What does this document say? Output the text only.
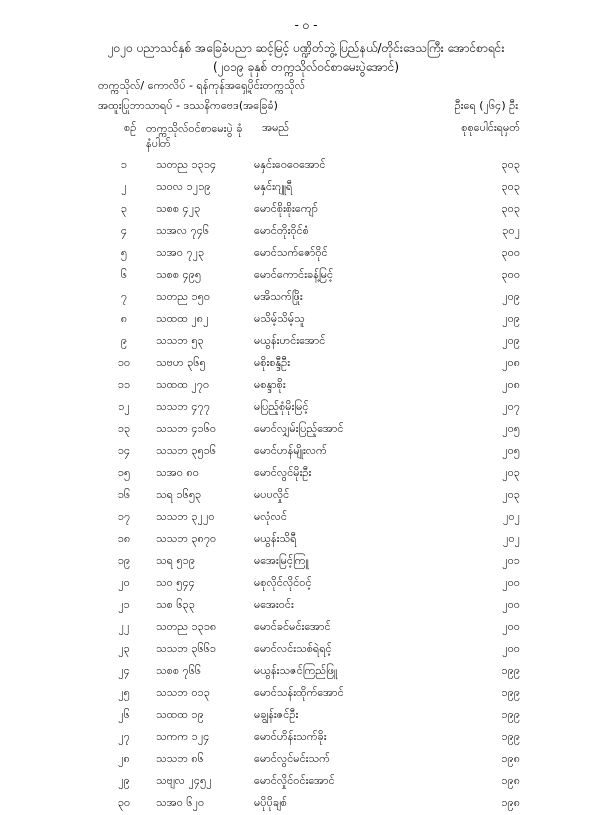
- ၀ -
၂၀၂၀ ပညာသင်နှစ် အခြေခံပညာ ဆင့်မြင့် ပဏ္ဍိတ်ဘွဲ့ ပြည်နယ်/တိုင်းဒေသကြီး အောင်စာရင်း
(၂၀၁၉ ခုနှစ် တက္ကသိုလ်ဝင်စာမေးပွဲအောင်)
တက္ကသိုလ်/ ကောလိပ် - ရန်ကုန်အရှေ့ပိုင်းတက္ကသိုလ်
အထူးပြုဘာသာရပ် - ဒဿနိကဗေဒ(အခြေခံ)	ဦးရေ (၂၆၄) ဦး
စဉ် တက္ကသိုလ်ဝင်စာမေးပွဲ ခုံနံပါတ်
အမည်	စုစုပေါင်းရမှတ်
၁	သတည ၁၃၁၄	မနှင်းဝေဝေအောင်	၃၀၃
၂	သဝလ ၁၂၁၉	မနှင်းဂျူရီ	၃၀၃
၃	သစစ ၄၂၃	မောင်စိုးစိုးကျော်	၃၀၃
၄	သအလ ၇၄၆	မောင်တိုးဝိုင်စံ	၃၀၂
၅	သအဝ ၇၂၃	မောင်သက်ဇော်ဝိုင်	၃၀၀
၆	သစစ ၄၉၅	မောင်ကောင်းခန့်မြင့်	၃၀၀
၇	သတည ၁၅၀	မအိသက်ဖြိုး	၂၀၉
၈	သထထ ၂၈၂	မသိမ့်သိမ့်သူ	၂၀၉
၉	သသဘ ၅၃	မယွန်းဟင်းအောင်	၂၀၉
၁၀	သဗဟ ၃၆၅	မစိုးစန္ဒီဦး	၂၀၈
၁၁	သထထ ၂၇၀	မစန္ဒာစိုး	၂၀၈
၁၂	သသဘ ၄၇၇	မပြည့်စုံမိုးမြင့်	၂၀၇
၁၃	သသဘ ၄၁၆၀	မောင်လျှမ်းပြည့်အောင်	၂၀၅
၁၄	သသဘ ၃၅၁၆	မောင်ဟန်မျိုးလက်	၂၀၅
၁၅	သအဝ ၈၀	မောင်လွင်မိုးဦး	၂၀၃
၁၆	သရ ၁၆၅၃	မပပလှိုင်	၂၀၃
၁၇	သသဘ ၃၂၂၀	မလုံလင်	၂၀၂
၁၈	သသဘ ၃၈၇၀	မယွန်းသိရီ	၂၀၂
၁၉	သရ ၅၁၉	မအေးမြင့်ကြူ	၂၀၁
၂၀	သဝ ၅၄၄	မစုလိုင်လိုင်ဝင့်	၂၀၀
၂၁	သစ ၆၃၃	မအေးဝင်း	၂၀၀
၂၂	သတည ၁၃၁၈	မောင်ခင်မင်းအောင်	၂၀၀
၂၃	သသဘ ၃၆၆၁	မောင်လင်းသစ်ရဲရင့်	၂၀၀
၂၄	သစစ ၇၆၆	မယွန်းသဇင်ကြည်ဖြူ	၁၉၉
၂၅	သသဘ ၀၁၃	မောင်သန်းထိုက်အောင်	၁၉၉
၂၆	သထထ ၁၉	မချွန်းဇင်ဦး	၁၉၉
၂၇	သကက ၁၂၄	မောင်ဟိန်းသက်ခိုး	၁၉၉
၂၈	သသဘ ၈၆	မောင်လွင်မင်းသက်	၁၉၈
၂၉	သဗျလ ၂၄၅၂	မောင်လှိုင်ဝင်းအောင်	၁၉၈
၃၀	သအဝ ၆၂၀	မပိုပိုချစ်	၁၉၈
